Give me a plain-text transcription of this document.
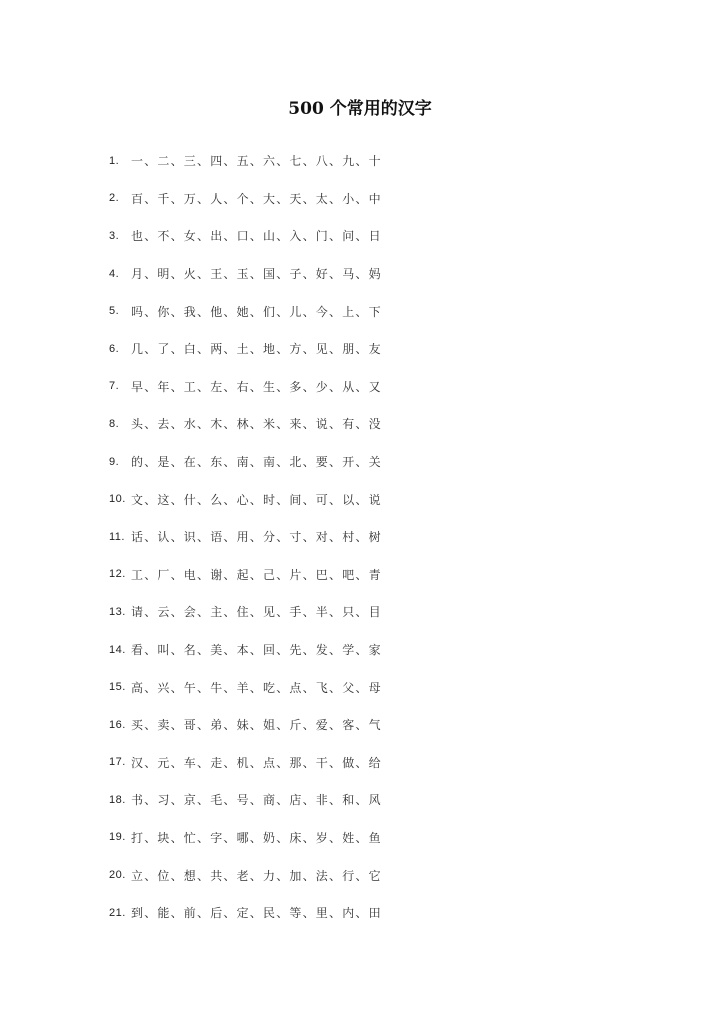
500 个常用的汉字
1. 一、二、三、四、五、六、七、八、九、十
2. 百、千、万、人、个、大、天、太、小、中
3. 也、不、女、出、口、山、入、门、问、日
4. 月、明、火、王、玉、国、子、好、马、妈
5. 吗、你、我、他、她、们、儿、今、上、下
6. 几、了、白、两、土、地、方、见、朋、友
7. 早、年、工、左、右、生、多、少、从、又
8. 头、去、水、木、林、米、来、说、有、没
9. 的、是、在、东、南、南、北、要、开、关
10. 文、这、什、么、心、时、间、可、以、说
11. 话、认、识、语、用、分、寸、对、村、树
12. 工、厂、电、谢、起、己、片、巴、吧、青
13. 请、云、会、主、住、见、手、半、只、目
14. 看、叫、名、美、本、回、先、发、学、家
15. 高、兴、午、牛、羊、吃、点、飞、父、母
16. 买、卖、哥、弟、妹、姐、斤、爱、客、气
17. 汉、元、车、走、机、点、那、干、做、给
18. 书、习、京、毛、号、商、店、非、和、风
19. 打、块、忙、字、哪、奶、床、岁、姓、鱼
20. 立、位、想、共、老、力、加、法、行、它
21. 到、能、前、后、定、民、等、里、内、田
